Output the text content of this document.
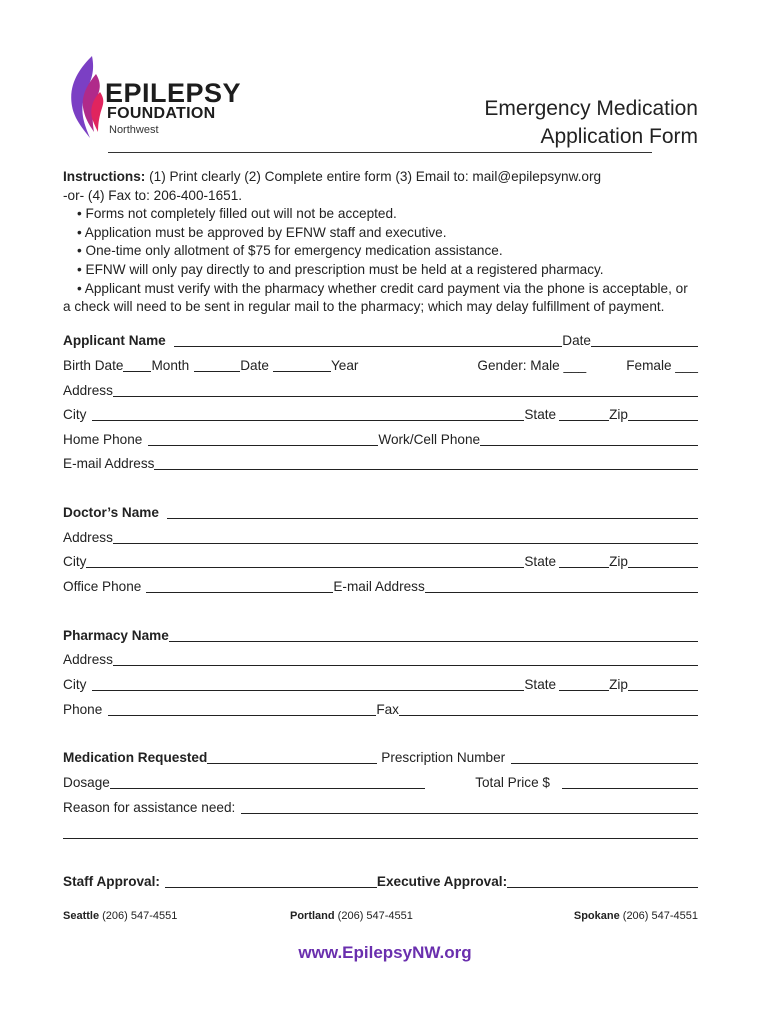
EPILEPSY
FOUNDATION
Northwest
Emergency Medication
Application Form

Instructions: (1) Print clearly (2) Complete entire form (3) Email to: mail@epilepsynw.org

-or- (4) Fax to: 206-400-1651.

• Forms not completely filled out will not be accepted.

• Application must be approved by EFNW staff and executive.

• One-time only allotment of $75 for emergency medication assistance.

• EFNW will only pay directly to and prescription must be held at a registered pharmacy.

• Applicant must verify with the pharmacy whether credit card payment via the phone is acceptable, or

a check will need to be sent in regular mail to the pharmacy; which may delay fulfillment of payment.

Applicant Name	Date
Birth Date Month	Date	Year	Gender: Male ___	Female ___
Address
City	State	Zip
Home Phone	Work/Cell Phone
E-mail Address
Doctor’s Name
Address
City	State	Zip
Office Phone	E-mail Address
Pharmacy Name
Address
City	State	Zip
Phone	Fax
Medication Requested	Prescription Number
Dosage	Total Price $
Reason for assistance need:
Staff Approval:	Executive Approval:
Seattle (206) 547-4551	Portland (206) 547-4551	Spokane (206) 547-4551
www.EpilepsyNW.org
